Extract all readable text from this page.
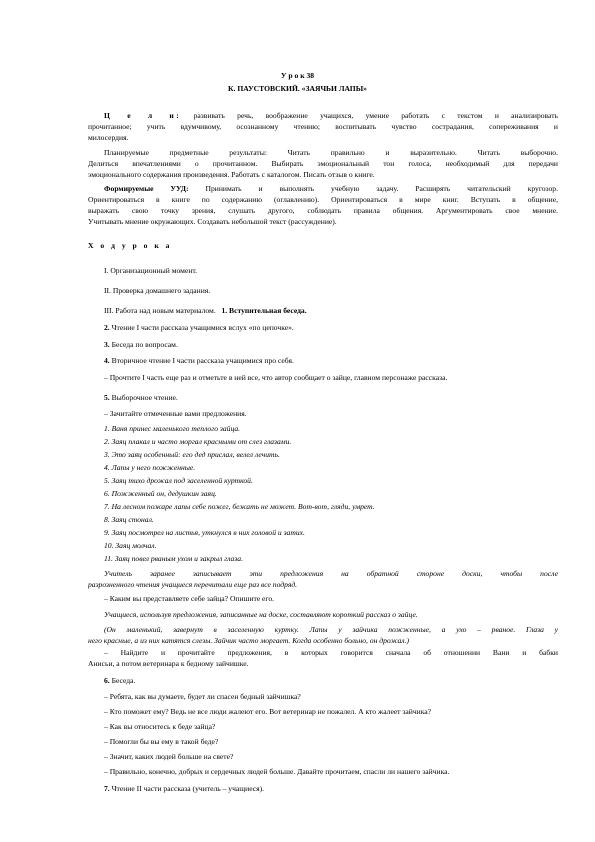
У р о к 38
К. ПАУСТОВСКИЙ. «ЗАЯЧЬИ ЛАПЫ»
Ц е л и: развивать речь, воображение учащихся, умение работать с текстом и анализировать
прочитанное; учить вдумчивому, осознанному чтению; воспитывать чувство сострадания, сопереживания и
милосердия.
Планируемые предметные результаты: Читать правильно и выразительно. Читать выборочно.
Делиться впечатлениями о прочитанном. Выбирать эмоциональный тон голоса, необходимый для передачи
эмоционального содержания произведения. Работать с каталогом. Писать отзыв о книге.
Формируемые УУД: Принимать и выполнять учебную задачу. Расширять читательский кругозор.
Ориентироваться в книге по содержанию (оглавлению). Ориентироваться в мире книг. Вступать в общение,
выражать свою точку зрения, слушать другого, соблюдать правила общения. Аргументировать свое мнение.
Учитывать мнение окружающих. Создавать небольшой текст (рассуждение).
Х о д у р о к а
I. Организационный момент.
II. Проверка домашнего задания.
III. Работа над новым материалом. 1. Вступительная беседа.
2. Чтение I части рассказа учащимися вслух «по цепочке».
3. Беседа по вопросам.
4. Вторичное чтение I части рассказа учащимися про себя.
– Прочтите I часть еще раз и отметьте в ней все, что автор сообщает о зайце, главном персонаже рассказа.
5. Выборочное чтение.
– Зачитайте отмеченные вами предложения.
1. Ваня принес маленького теплого зайца.
2. Заяц плакал и часто моргал красными от слез глазами.
3. Это заяц особенный: его дед прислал, велел лечить.
4. Лапы у него пожженные.
5. Заяц тихо дрожал под заселенной курткой.
6. Пожженный он, дедушкин заяц.
7. На лесном пожаре лапы себе пожег, бежать не может. Вот-вот, гляди, умрет.
8. Заяц стонал.
9. Заяц посмотрел на листья, уткнулся в них головой и затих.
10. Заяц молчал.
11. Заяц повел рваным ухом и закрыл глаза.
Учитель заранее записывает эти предложения на обратной стороне доски, чтобы после
разрозненного чтения учащиеся перечитали еще раз все подряд.
– Каким вы представляете себе зайца? Опишите его.
Учащиеся, используя предложения, записанные на доске, составляют короткий рассказ о зайце.
(Он маленький, завернут в заселенную куртку. Лапы у зайчика пожженные, а ухо – рваное. Глаза у
него красные, а из них катятся слезы. Зайчик часто моргает. Когда особенно больно, он дрожал.)
– Найдите и прочитайте предложения, в которых говорится сначала об отношении Вани и бабки
Анисьи, а потом ветеринара к бедному зайчишке.
6. Беседа.
– Ребята, как вы думаете, будет ли спасен бедный зайчишка?
– Кто поможет ему? Ведь не все люди жалеют его. Вот ветеринар не пожалел. А кто жалеет зайчика?
– Как вы относитесь к беде зайца?
– Помогли бы вы ему в такой беде?
– Значит, каких людей больше на свете?
– Правильно, конечно, добрых и сердечных людей больше. Давайте прочитаем, спасли ли нашего зайчика.
7. Чтение II части рассказа (учитель – учащиеся).
